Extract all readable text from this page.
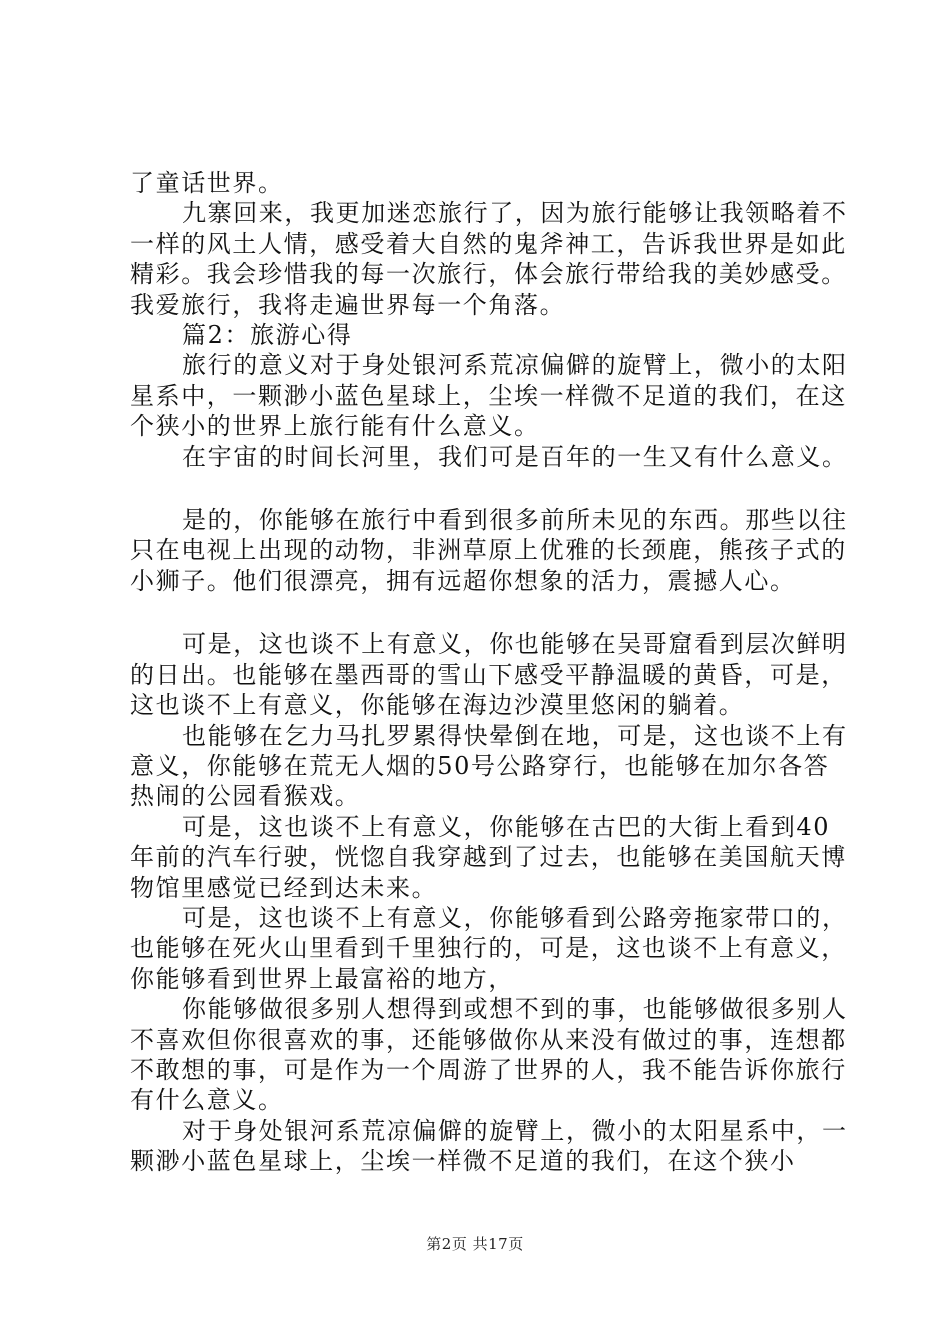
了童话世界。

九寨回来，我更加迷恋旅行了，因为旅行能够让我领略着不一样的风土人情，感受着大自然的鬼斧神工，告诉我世界是如此精彩。我会珍惜我的每一次旅行，体会旅行带给我的美妙感受。我爱旅行，我将走遍世界每一个角落。

篇2：旅游心得

旅行的意义对于身处银河系荒凉偏僻的旋臂上，微小的太阳星系中，一颗渺小蓝色星球上，尘埃一样微不足道的我们，在这个狭小的世界上旅行能有什么意义。

在宇宙的时间长河里，我们可是百年的一生又有什么意义。

是的，你能够在旅行中看到很多前所未见的东西。那些以往只在电视上出现的动物，非洲草原上优雅的长颈鹿，熊孩子式的小狮子。他们很漂亮，拥有远超你想象的活力，震撼人心。

可是，这也谈不上有意义，你也能够在吴哥窟看到层次鲜明的日出。也能够在墨西哥的雪山下感受平静温暖的黄昏，可是，这也谈不上有意义，你能够在海边沙漠里悠闲的躺着。

也能够在乞力马扎罗累得快晕倒在地，可是，这也谈不上有意义，你能够在荒无人烟的50号公路穿行，也能够在加尔各答热闹的公园看猴戏。

可是，这也谈不上有意义，你能够在古巴的大街上看到40年前的汽车行驶，恍惚自我穿越到了过去，也能够在美国航天博物馆里感觉已经到达未来。

可是，这也谈不上有意义，你能够看到公路旁拖家带口的，也能够在死火山里看到千里独行的，可是，这也谈不上有意义，你能够看到世界上最富裕的地方，

你能够做很多别人想得到或想不到的事，也能够做很多别人不喜欢但你很喜欢的事，还能够做你从来没有做过的事，连想都不敢想的事，可是作为一个周游了世界的人，我不能告诉你旅行有什么意义。

对于身处银河系荒凉偏僻的旋臂上，微小的太阳星系中，一颗渺小蓝色星球上，尘埃一样微不足道的我们，在这个狭小

第2页 共17页
